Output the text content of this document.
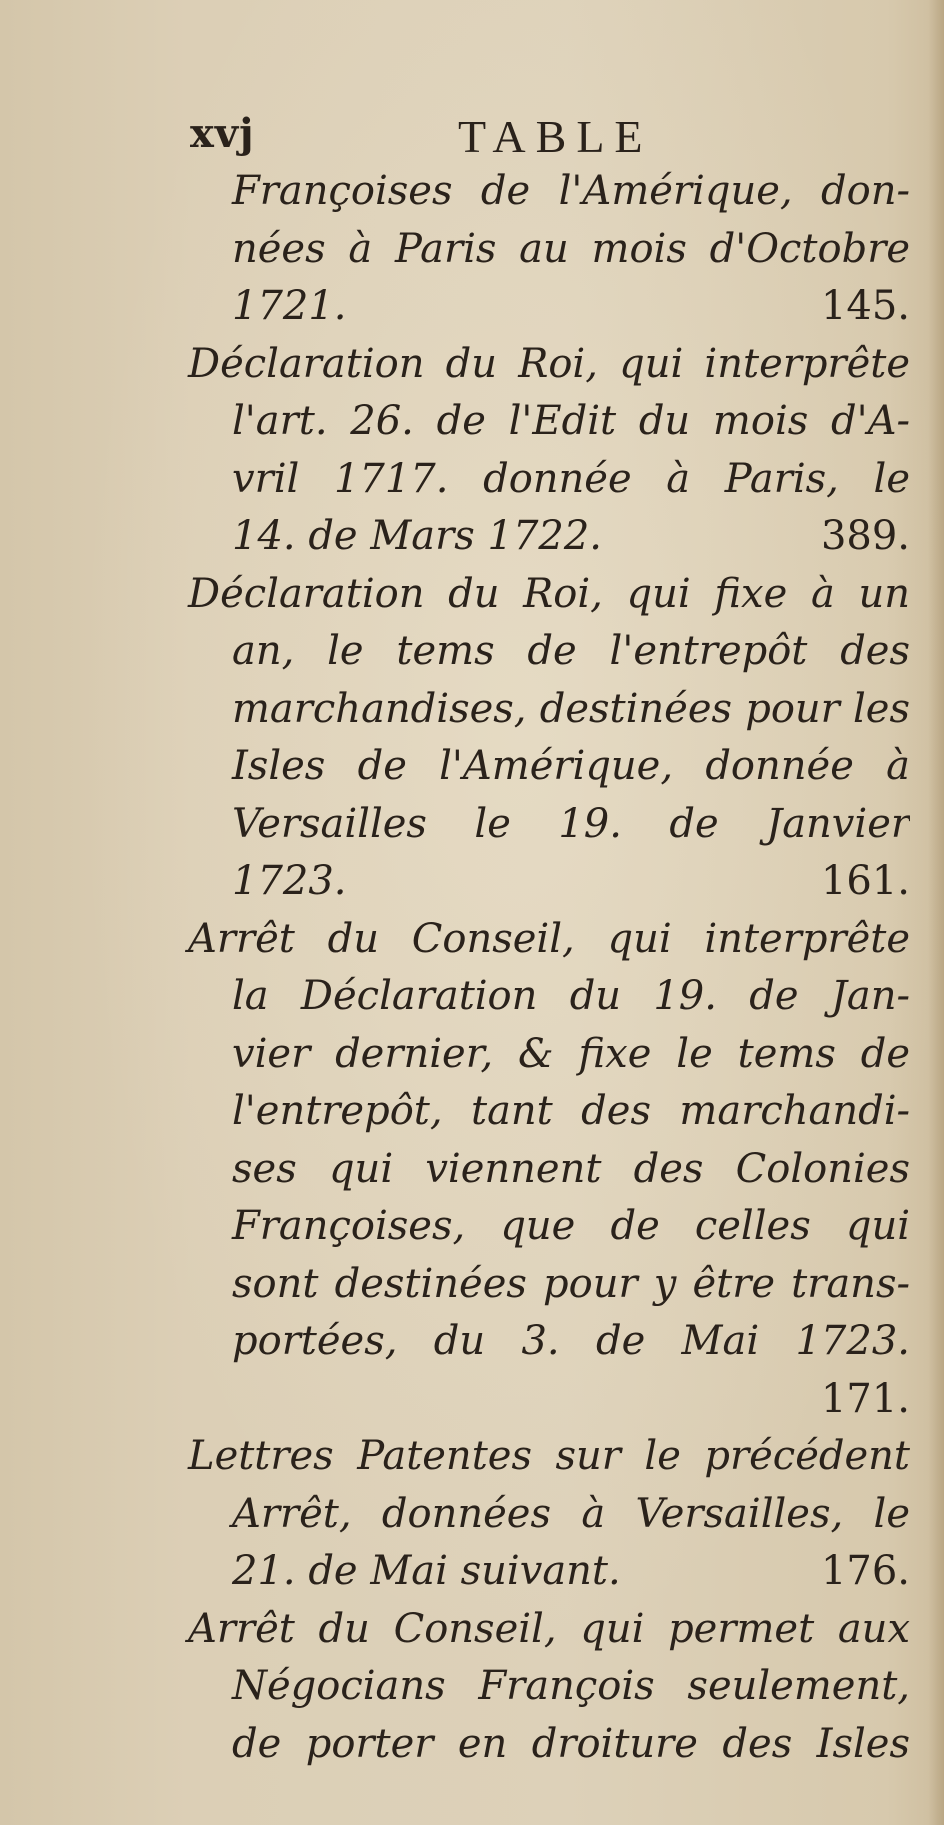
xvj	TABLE
Françoises de l'Amérique, don-
nées à Paris au mois d'Octobre
1721.	145.
Déclaration du Roi, qui interprête
l'art. 26. de l'Edit du mois d'A-
vril 1717. donnée à Paris, le
14. de Mars 1722.	389.
Déclaration du Roi, qui fixe à un
an, le tems de l'entrepôt des
marchandises, destinées pour les
Isles de l'Amérique, donnée à
Versailles le 19. de Janvier
1723.	161.
Arrêt du Conseil, qui interprête
la Déclaration du 19. de Jan-
vier dernier, & fixe le tems de
l'entrepôt, tant des marchandi-
ses qui viennent des Colonies
Françoises, que de celles qui
sont destinées pour y être trans-
portées, du 3. de Mai 1723.
171.
Lettres Patentes sur le précédent
Arrêt, données à Versailles, le
21. de Mai suivant.	176.
Arrêt du Conseil, qui permet aux
Négocians François seulement,
de porter en droiture des Isles
